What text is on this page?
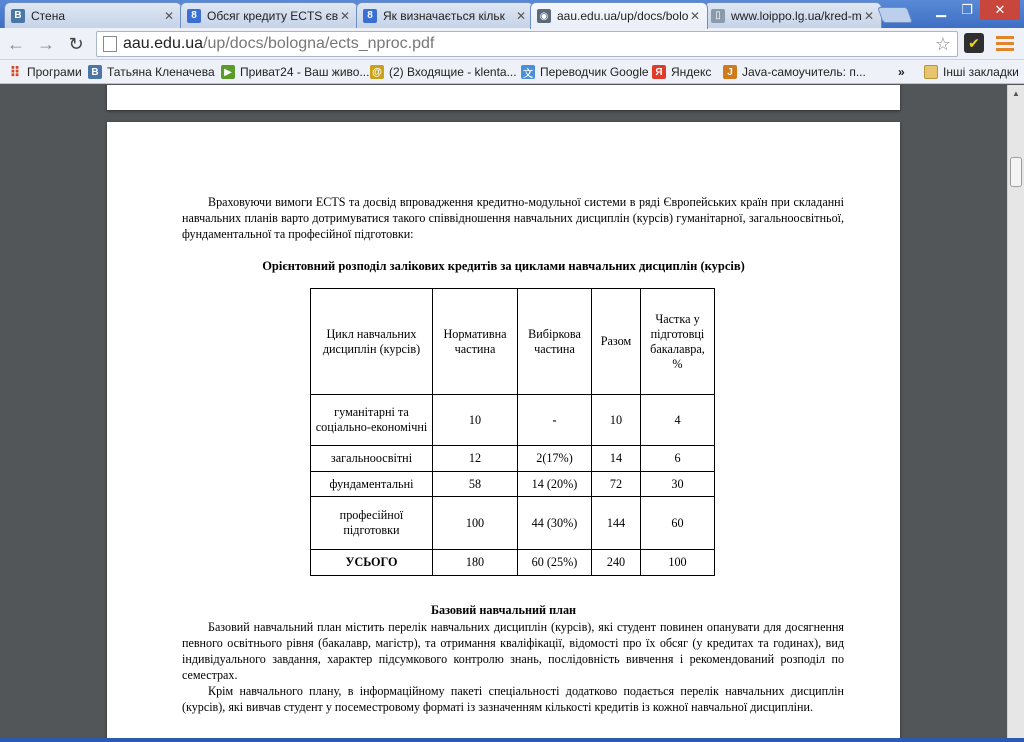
B Стена	✕	8 Обсяг кредиту ECTS єв ✕	8 Як визначається кільк ✕ ◉ aau.edu.ua/up/docs/bolo ✕	▯ www.loippo.lg.ua/kred-m ✕	▁	❐	✕
← → ↻ aau.edu.ua /up/docs/bologna/ects_nproc.pdf	☆ ✔
⠿ Програми B Татьяна Кленачева ▶ Приват24 - Ваш живо... @ (2) Входящие - klenta... 文 Переводчик Google Я Яндекс	J Java-самоучитель: п...	»	Інші закладки

Враховуючи вимоги ECTS та досвід впровадження кредитно-модульної системи в ряді Європейських країн при складанні навчальних планів варто дотримуватися такого співвідношення навчальних дисциплін (курсів) гуманітарної, загальноосвітньої, фундаментальної та професійної підготовки:

Орієнтовний розподіл залікових кредитів за циклами навчальних дисциплін (курсів)
Цикл навчальних дисциплін (курсів)	Нормативна частина	Вибіркова частина	Разом	Частка у підготовці бакалавра, %
гуманітарні та соціально-економічні	10	-	10	4
загальноосвітні	12	2(17%)	14	6
фундаментальні	58	14 (20%)	72	30
професійної підготовки	100	44 (30%)	144	60
УСЬОГО	180	60 (25%)	240	100
Базовий навчальний план

Базовий навчальний план містить перелік навчальних дисциплін (курсів), які студент повинен опанувати для досягнення певного освітнього рівня (бакалавр, магістр), та отримання кваліфікації, відомості про їх обсяг (у кредитах та годинах), вид індивідуального завдання, характер підсумкового контролю знань, послідовність вивчення і рекомендований розподіл по семестрах.

Крім навчального плану, в інформаційному пакеті спеціальності додатково подається перелік навчальних дисциплін (курсів), які вивчав студент у посеместровому форматі із зазначенням кількості кредитів із кожної навчальної дисципліни.

▲
